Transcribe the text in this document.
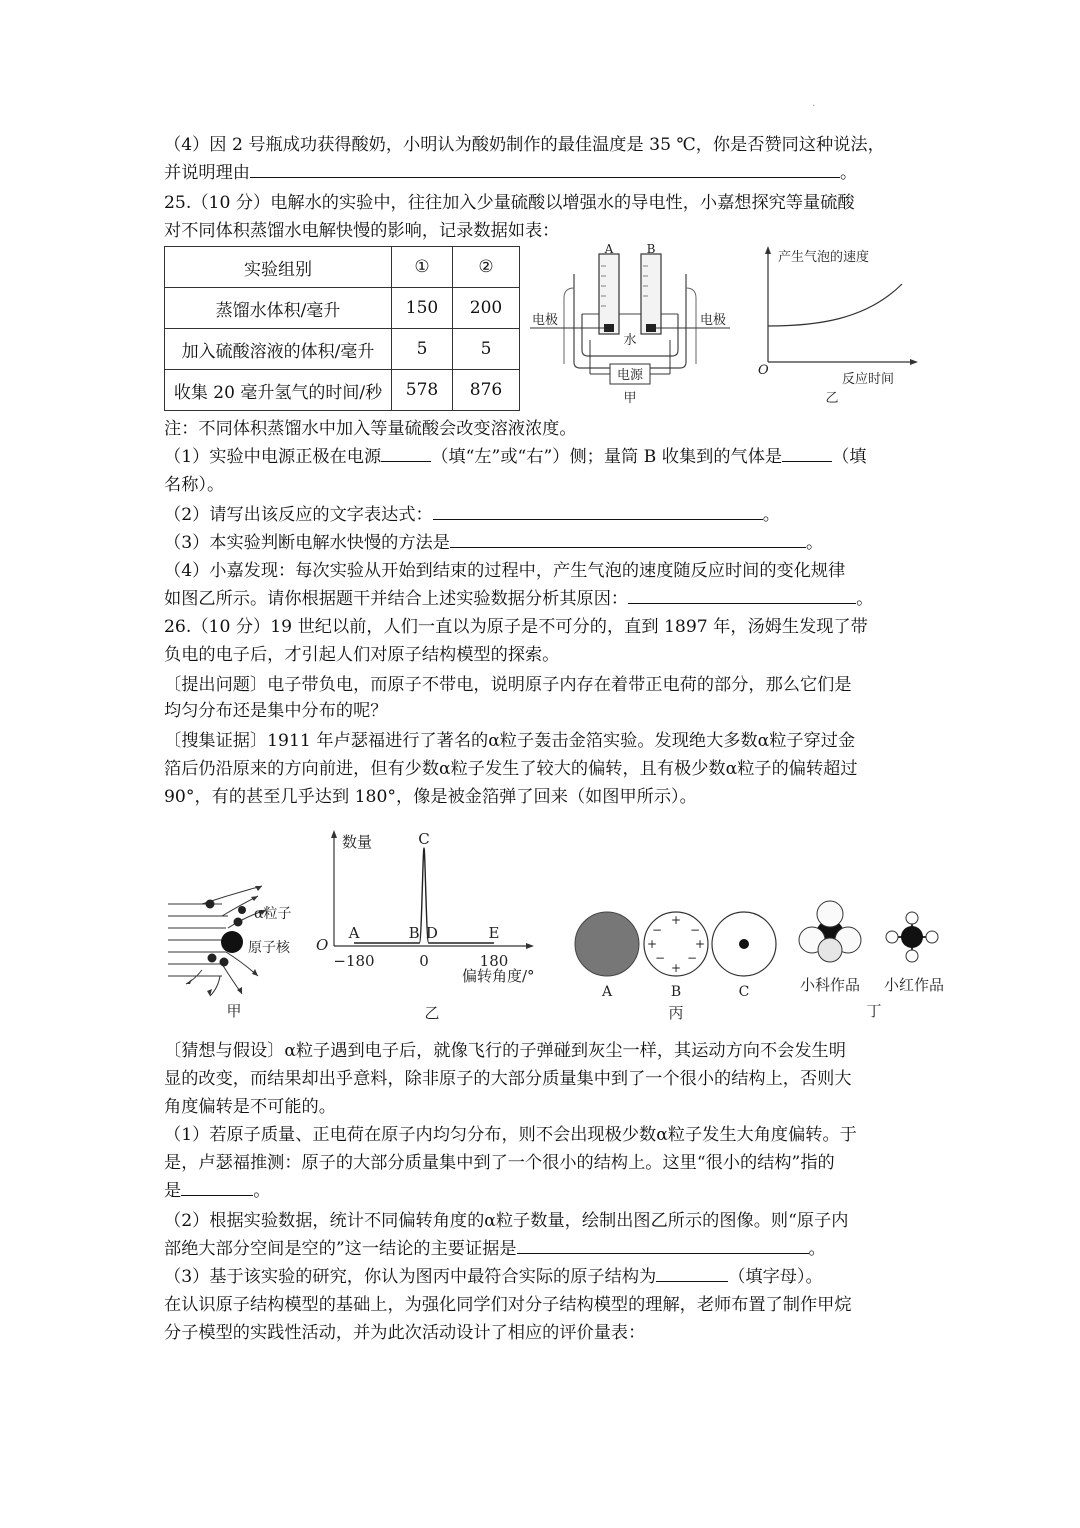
·
（4）因 2 号瓶成功获得酸奶，小明认为酸奶制作的最佳温度是 35 ℃，你是否赞同这种说法，
并说明理由	。
25.（10 分）电解水的实验中，往往加入少量硫酸以增强水的导电性，小嘉想探究等量硫酸
对不同体积蒸馏水电解快慢的影响，记录数据如表：
实验组别	①	②
蒸馏水体积/毫升	150	200
加入硫酸溶液的体积/毫升	5	5
收集 20 毫升氢气的时间/秒	578	876
A	B
水
电极	电极
电源
甲
产生气泡的速度
反应时间
O
乙
注：不同体积蒸馏水中加入等量硫酸会改变溶液浓度。
（1）实验中电源正极在电源	（填“左”或“右”）侧；量筒 B 收集到的气体是	（填
名称）。
（2）请写出该反应的文字表达式：	。
（3）本实验判断电解水快慢的方法是	。
（4）小嘉发现：每次实验从开始到结束的过程中，产生气泡的速度随反应时间的变化规律
如图乙所示。请你根据题干并结合上述实验数据分析其原因：	。
26.（10 分）19 世纪以前，人们一直以为原子是不可分的，直到 1897 年，汤姆生发现了带
负电的电子后，才引起人们对原子结构模型的探索。
〔提出问题〕电子带负电，而原子不带电，说明原子内存在着带正电荷的部分，那么它们是
均匀分布还是集中分布的呢？
〔搜集证据〕1911 年卢瑟福进行了著名的α粒子轰击金箔实验。发现绝大多数α粒子穿过金
箔后仍沿原来的方向前进，但有少数α粒子发生了较大的偏转，且有极少数α粒子的偏转超过
90°，有的甚至几乎达到 180°，像是被金箔弹了回来（如图甲所示）。
α粒子
原子核
甲
A	B
C
D	E
数量
O
−180	0	180
偏转角度/°
乙
+
− −
+	+
− −
+
A	B	C
丙
小科作品 小红作品
丁
〔猜想与假设〕α粒子遇到电子后，就像飞行的子弹碰到灰尘一样，其运动方向不会发生明
显的改变，而结果却出乎意料，除非原子的大部分质量集中到了一个很小的结构上，否则大
角度偏转是不可能的。
（1）若原子质量、正电荷在原子内均匀分布，则不会出现极少数α粒子发生大角度偏转。于
是，卢瑟福推测：原子的大部分质量集中到了一个很小的结构上。这里“很小的结构”指的
是	。
（2）根据实验数据，统计不同偏转角度的α粒子数量，绘制出图乙所示的图像。则“原子内
部绝大部分空间是空的”这一结论的主要证据是	。
（3）基于该实验的研究，你认为图丙中最符合实际的原子结构为	（填字母）。
在认识原子结构模型的基础上，为强化同学们对分子结构模型的理解，老师布置了制作甲烷
分子模型的实践性活动，并为此次活动设计了相应的评价量表：
